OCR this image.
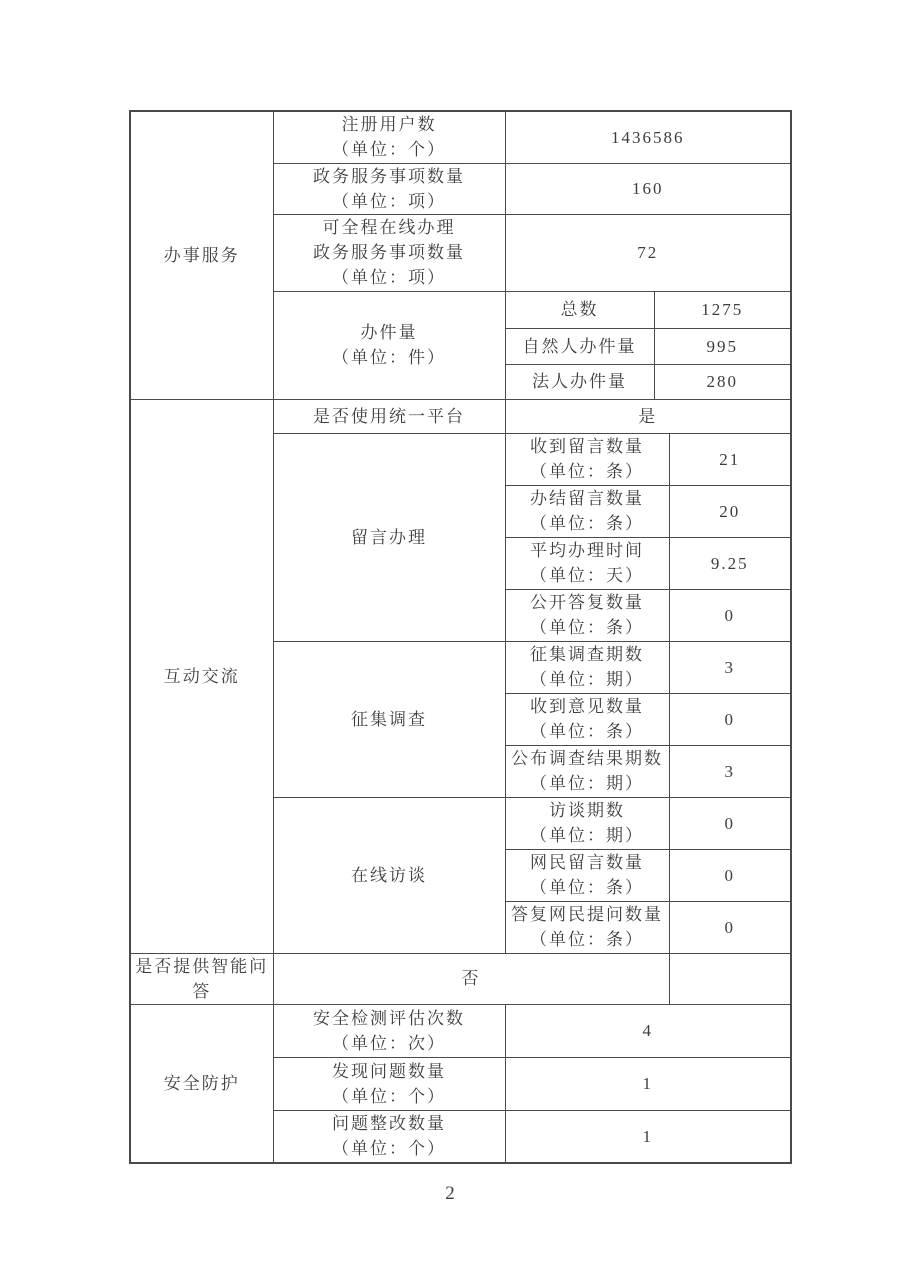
办事服务	注册用户数
（单位：个）	1436586		

	政务服务事项数量
（单位：项）	160		

	可全程在线办理
政务服务事项数量
（单位：项）	72		

	办件量
（单位：件）	总数	1275	
		自然人办件量	995	
		法人办件量	280	

互动交流	是否使用统一平台	是		
	留言办理	收到留言数量
（单位：条）		21

		办结留言数量
（单位：条）		20

		平均办理时间
（单位：天）		9.25

		公开答复数量
（单位：条）		0
	征集调查	征集调查期数
（单位：期）		3

		收到意见数量
（单位：条）		0

		公布调查结果期数
（单位：期）		3
	在线访谈	访谈期数
（单位：期）		0

		网民留言数量
（单位：条）		0

		答复网民提问数量
（单位：条）		0
是否提供智能问答	否			

安全防护	安全检测评估次数
（单位：次）	4		

	发现问题数量
（单位：个）	1		

	问题整改数量
（单位：个）	1		
2
